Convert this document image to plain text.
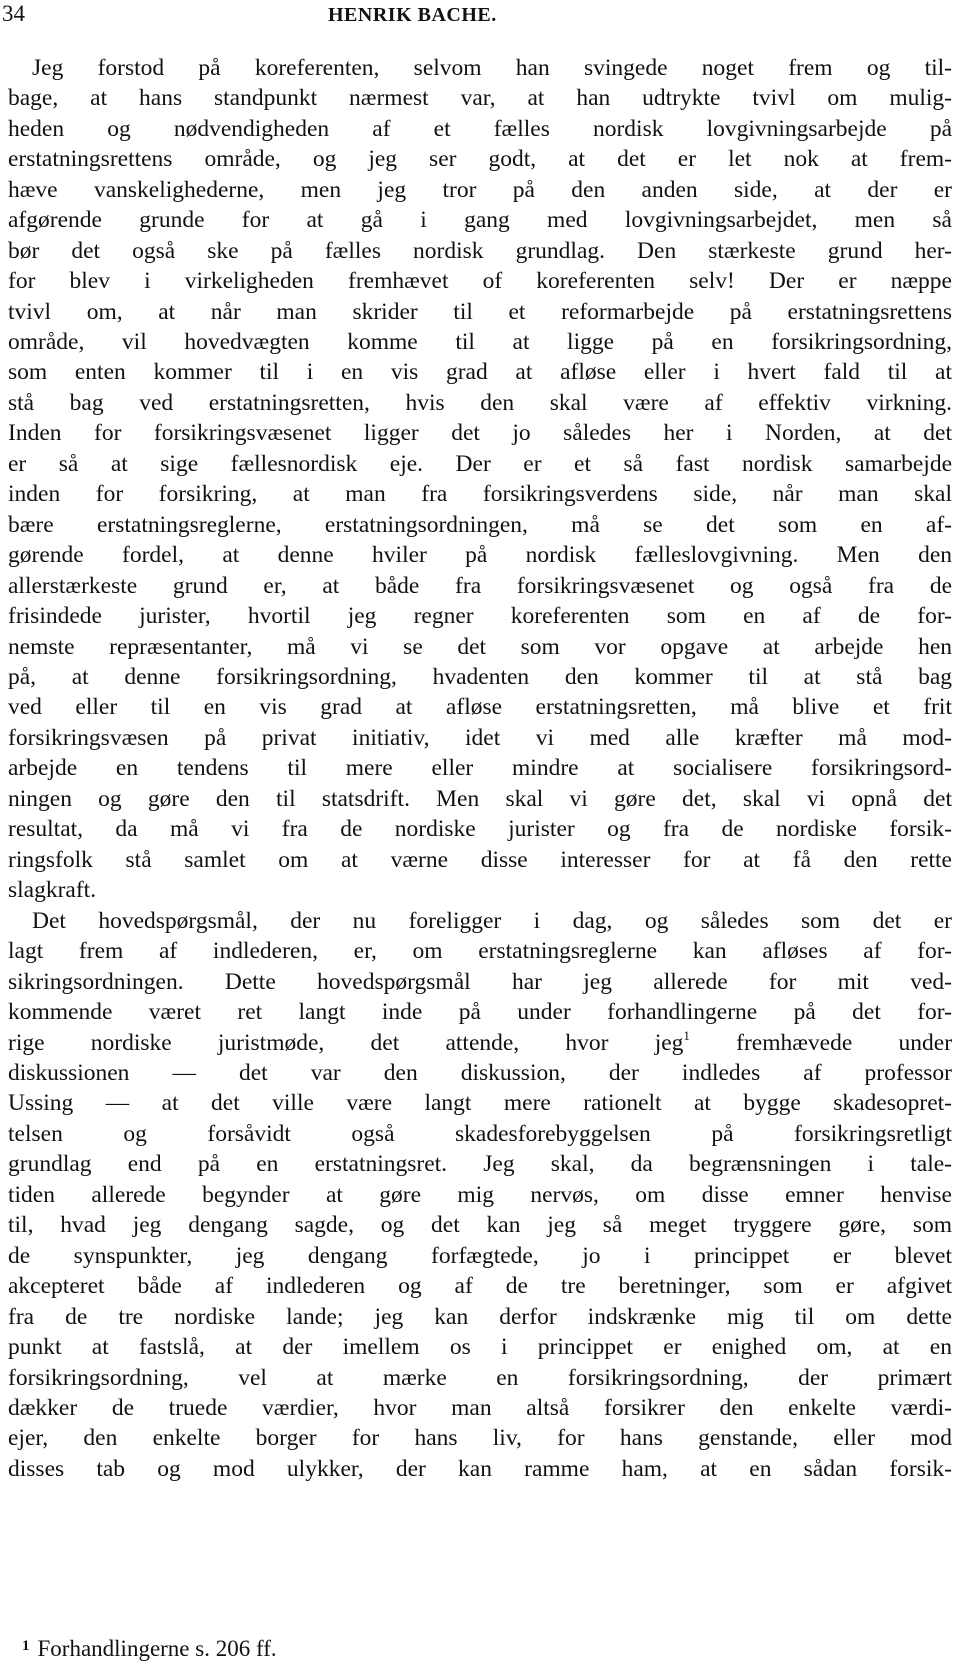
34	HENRIK BACHE.
Jeg forstod på koreferenten, selvom han svingede noget frem og til-
bage, at hans standpunkt nærmest var, at han udtrykte tvivl om mulig-
heden og nødvendigheden af et fælles nordisk lovgivningsarbejde på
erstatningsrettens område, og jeg ser godt, at det er let nok at frem-
hæve vanskelighederne, men jeg tror på den anden side, at der er
afgørende grunde for at gå i gang med lovgivningsarbejdet, men så
bør det også ske på fælles nordisk grundlag. Den stærkeste grund her-
for blev i virkeligheden fremhævet of koreferenten selv! Der er næppe
tvivl om, at når man skrider til et reformarbejde på erstatningsrettens
område, vil hovedvægten komme til at ligge på en forsikringsordning,
som enten kommer til i en vis grad at afløse eller i hvert fald til at
stå bag ved erstatningsretten, hvis den skal være af effektiv virkning.
Inden for forsikringsvæsenet ligger det jo således her i Norden, at det
er så at sige fællesnordisk eje. Der er et så fast nordisk samarbejde
inden for forsikring, at man fra forsikringsverdens side, når man skal
bære erstatningsreglerne, erstatningsordningen, må se det som en af-
gørende fordel, at denne hviler på nordisk fælleslovgivning. Men den
allerstærkeste grund er, at både fra forsikringsvæsenet og også fra de
frisindede jurister, hvortil jeg regner koreferenten som en af de for-
nemste repræsentanter, må vi se det som vor opgave at arbejde hen
på, at denne forsikringsordning, hvadenten den kommer til at stå bag
ved eller til en vis grad at afløse erstatningsretten, må blive et frit
forsikringsvæsen på privat initiativ, idet vi med alle kræfter må mod-
arbejde en tendens til mere eller mindre at socialisere forsikringsord-
ningen og gøre den til statsdrift. Men skal vi gøre det, skal vi opnå det
resultat, da må vi fra de nordiske jurister og fra de nordiske forsik-
ringsfolk stå samlet om at værne disse interesser for at få den rette
slagkraft.
Det hovedspørgsmål, der nu foreligger i dag, og således som det er
lagt frem af indlederen, er, om erstatningsreglerne kan afløses af for-
sikringsordningen. Dette hovedspørgsmål har jeg allerede for mit ved-
kommende været ret langt inde på under forhandlingerne på det for-
rige nordiske juristmøde, det attende, hvor jeg$^1$ fremhævede under
diskussionen — det var den diskussion, der indledes af professor
Ussing — at det ville være langt mere rationelt at bygge skadesopret-
telsen og forsåvidt også skadesforebyggelsen på forsikringsretligt
grundlag end på en erstatningsret. Jeg skal, da begrænsningen i tale-
tiden allerede begynder at gøre mig nervøs, om disse emner henvise
til, hvad jeg dengang sagde, og det kan jeg så meget tryggere gøre, som
de synspunkter, jeg dengang forfægtede, jo i princippet er blevet
akcepteret både af indlederen og af de tre beretninger, som er afgivet
fra de tre nordiske lande; jeg kan derfor indskrænke mig til om dette
punkt at fastslå, at der imellem os i princippet er enighed om, at en
forsikringsordning, vel at mærke en forsikringsordning, der primært
dækker de truede værdier, hvor man altså forsikrer den enkelte værdi-
ejer, den enkelte borger for hans liv, for hans genstande, eller mod
disses tab og mod ulykker, der kan ramme ham, at en sådan forsik-
$^1$ Forhandlingerne s. 206 ff.
